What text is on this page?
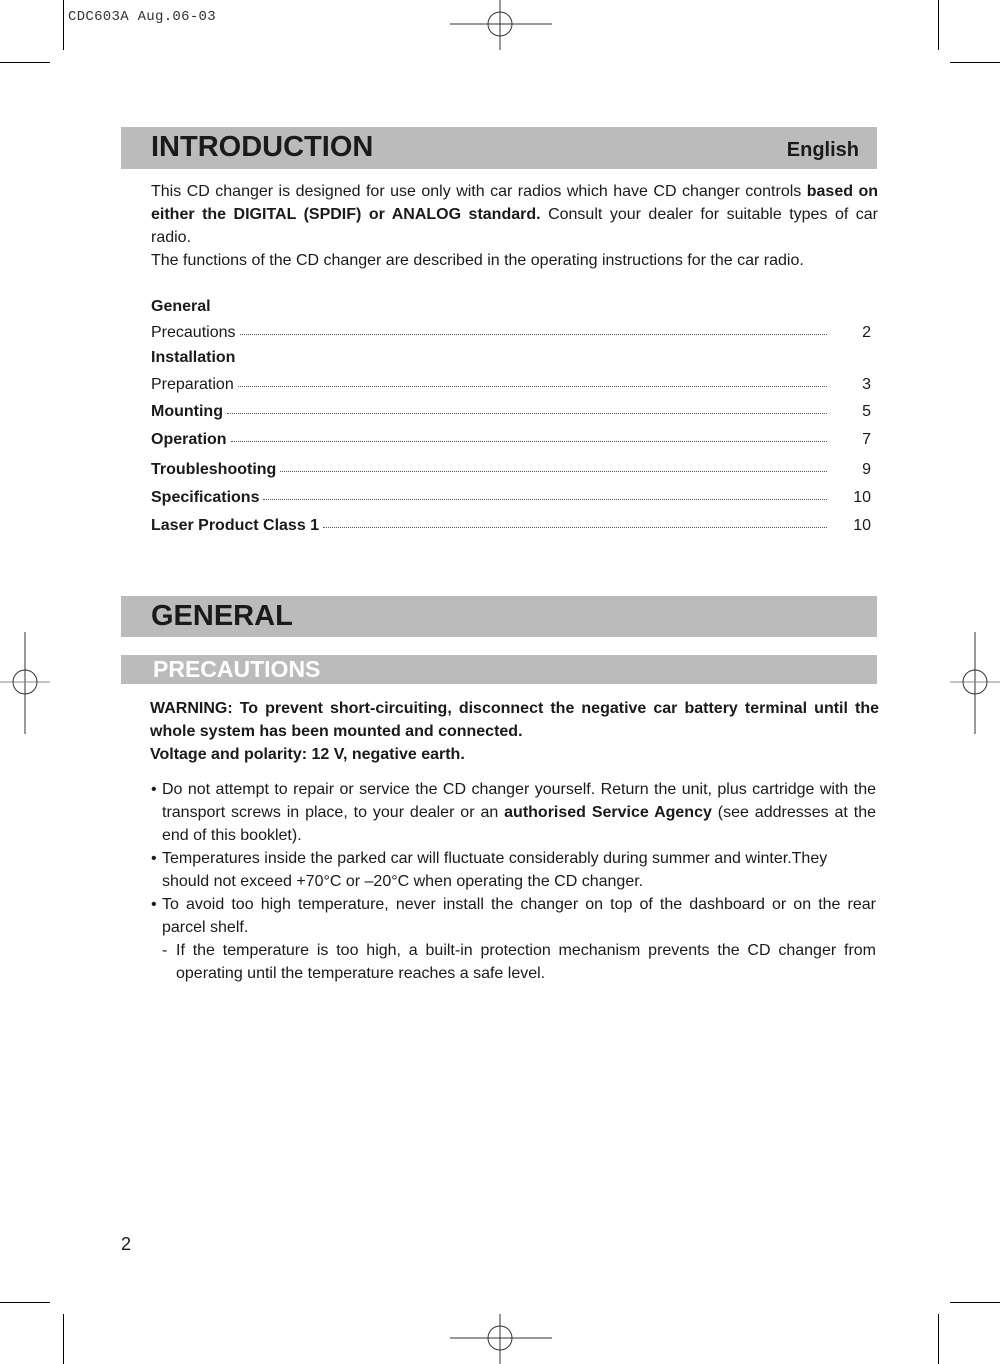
CDC603A Aug.06-03
INTRODUCTION	English
This CD changer is designed for use only with car radios which have CD changer controls based on either the DIGITAL (SPDIF) or ANALOG standard. Consult your dealer for suitable types of car radio.
The functions of the CD changer are described in the operating instructions for the car radio.
General
Precautions	2
Installation
Preparation	3
Mounting	5
Operation	7
Troubleshooting	9
Specifications	10
Laser Product Class 1	10
GENERAL
PRECAUTIONS
WARNING: To prevent short-circuiting, disconnect the negative car battery terminal until the whole system has been mounted and connected.
Voltage and polarity: 12 V, negative earth.
• Do not attempt to repair or service the CD changer yourself. Return the unit, plus cartridge with the transport screws in place, to your dealer or an authorised Service Agency (see addresses at the end of this booklet).
• Temperatures inside the parked car will fluctuate considerably during summer and winter.They should not exceed +70°C or –20°C when operating the CD changer.
• To avoid too high temperature, never install the changer on top of the dashboard or on the rear parcel shelf.
- If the temperature is too high, a built-in protection mechanism prevents the CD changer from operating until the temperature reaches a safe level.
2
